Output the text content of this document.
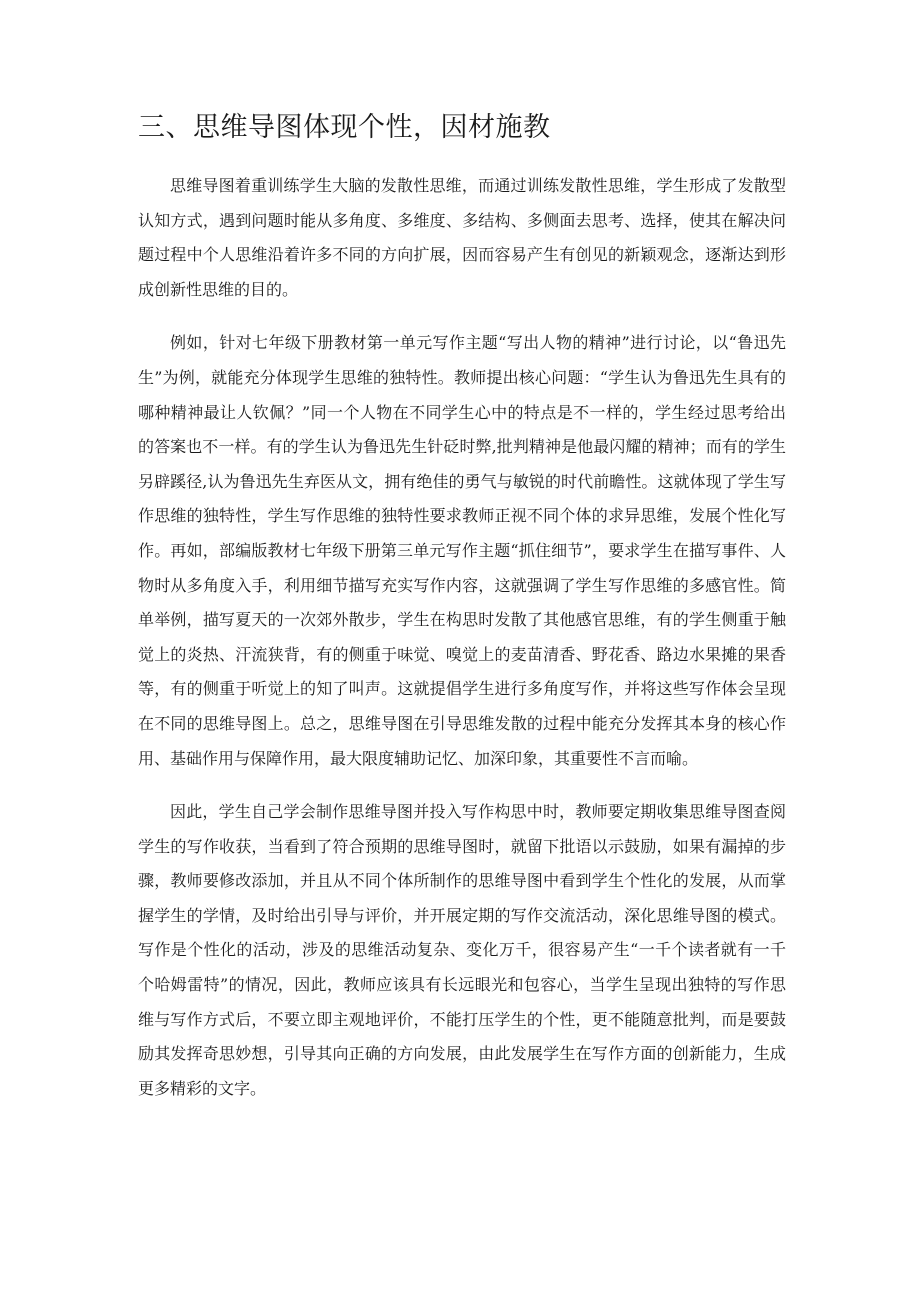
三、思维导图体现个性，因材施教

思维导图着重训练学生大脑的发散性思维，而通过训练发散性思维，学生形成了发散型认知方式，遇到问题时能从多角度、多维度、多结构、多侧面去思考、选择，使其在解决问题过程中个人思维沿着许多不同的方向扩展，因而容易产生有创见的新颖观念，逐渐达到形成创新性思维的目的。

例如，针对七年级下册教材第一单元写作主题“写出人物的精神”进行讨论，以“鲁迅先生”为例，就能充分体现学生思维的独特性。教师提出核心问题：“学生认为鲁迅先生具有的哪种精神最让人钦佩？”同一个人物在不同学生心中的特点是不一样的，学生经过思考给出的答案也不一样。有的学生认为鲁迅先生针砭时弊,批判精神是他最闪耀的精神；而有的学生另辟蹊径,认为鲁迅先生弃医从文，拥有绝佳的勇气与敏锐的时代前瞻性。这就体现了学生写作思维的独特性，学生写作思维的独特性要求教师正视不同个体的求异思维，发展个性化写作。再如，部编版教材七年级下册第三单元写作主题“抓住细节”，要求学生在描写事件、人物时从多角度入手，利用细节描写充实写作内容，这就强调了学生写作思维的多感官性。简单举例，描写夏天的一次郊外散步，学生在构思时发散了其他感官思维，有的学生侧重于触觉上的炎热、汗流狭背，有的侧重于味觉、嗅觉上的麦苗清香、野花香、路边水果摊的果香等，有的侧重于听觉上的知了叫声。这就提倡学生进行多角度写作，并将这些写作体会呈现在不同的思维导图上。总之，思维导图在引导思维发散的过程中能充分发挥其本身的核心作用、基础作用与保障作用，最大限度辅助记忆、加深印象，其重要性不言而喻。

因此，学生自己学会制作思维导图并投入写作构思中时，教师要定期收集思维导图查阅学生的写作收获，当看到了符合预期的思维导图时，就留下批语以示鼓励，如果有漏掉的步骤，教师要修改添加，并且从不同个体所制作的思维导图中看到学生个性化的发展，从而掌握学生的学情，及时给出引导与评价，并开展定期的写作交流活动，深化思维导图的模式。写作是个性化的活动，涉及的思维活动复杂、变化万千，很容易产生“一千个读者就有一千个哈姆雷特”的情况，因此，教师应该具有长远眼光和包容心，当学生呈现出独特的写作思维与写作方式后，不要立即主观地评价，不能打压学生的个性，更不能随意批判，而是要鼓励其发挥奇思妙想，引导其向正确的方向发展，由此发展学生在写作方面的创新能力，生成更多精彩的文字。
